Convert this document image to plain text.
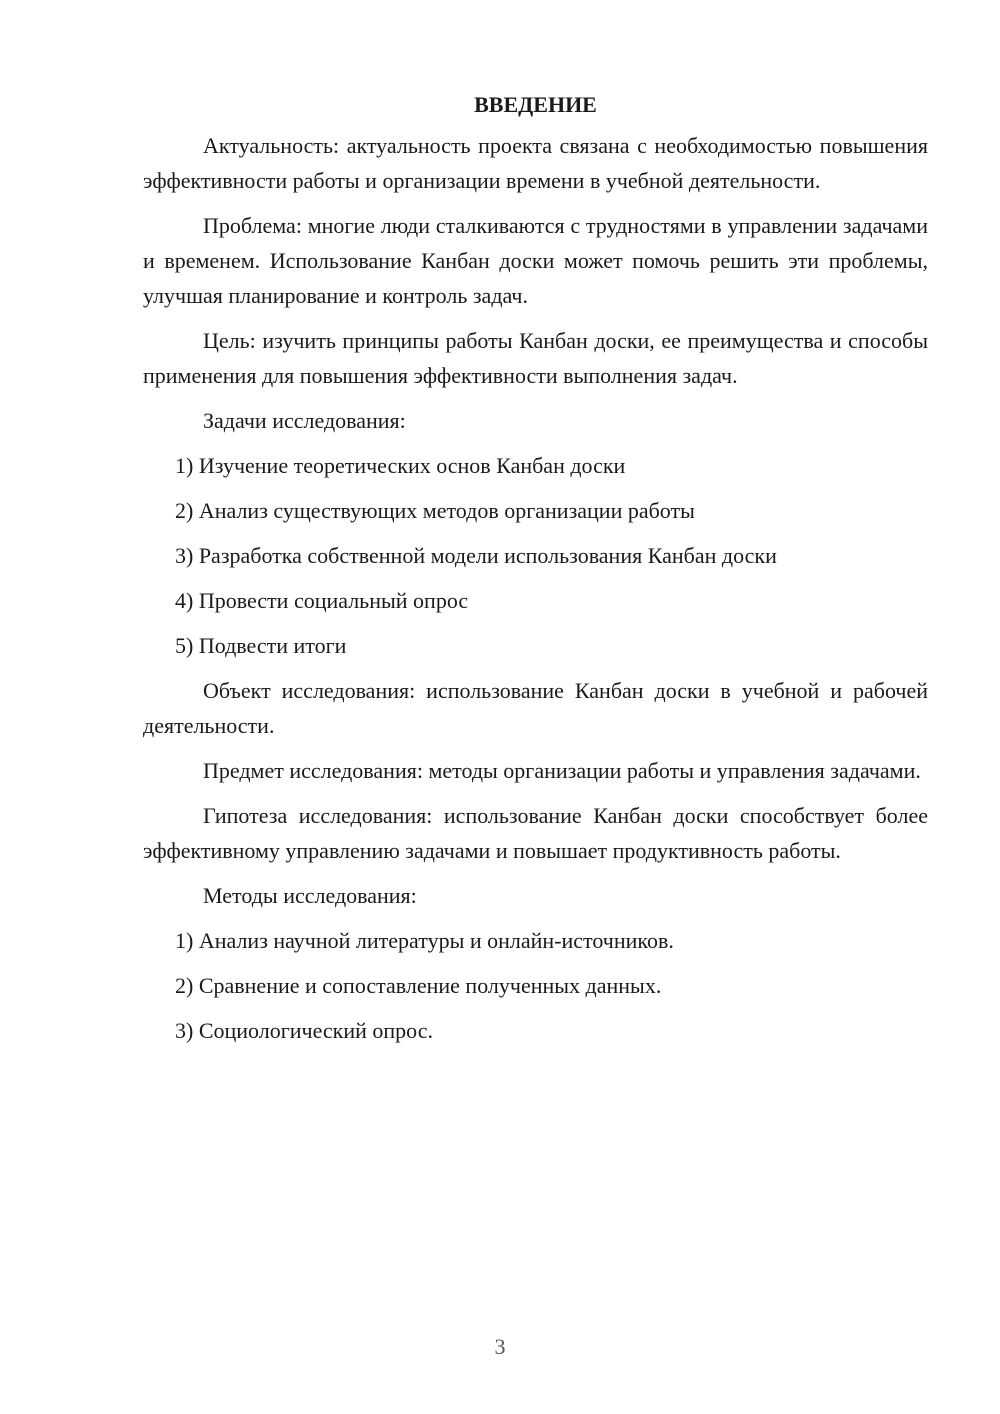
ВВЕДЕНИЕ

Актуальность: актуальность проекта связана с необходимостью повышения эффективности работы и организации времени в учебной деятельности.

Проблема: многие люди сталкиваются с трудностями в управлении задачами и временем. Использование Канбан доски может помочь решить эти проблемы, улучшая планирование и контроль задач.

Цель: изучить принципы работы Канбан доски, ее преимущества и способы применения для повышения эффективности выполнения задач.

Задачи исследования:

1) Изучение теоретических основ Канбан доски

2) Анализ существующих методов организации работы

3) Разработка собственной модели использования Канбан доски

4) Провести социальный опрос

5) Подвести итоги

Объект исследования: использование Канбан доски в учебной и рабочей деятельности.

Предмет исследования: методы организации работы и управления задачами.

Гипотеза исследования: использование Канбан доски способствует более эффективному управлению задачами и повышает продуктивность работы.

Методы исследования:

1) Анализ научной литературы и онлайн-источников.

2) Сравнение и сопоставление полученных данных.

3) Социологический опрос.

3
